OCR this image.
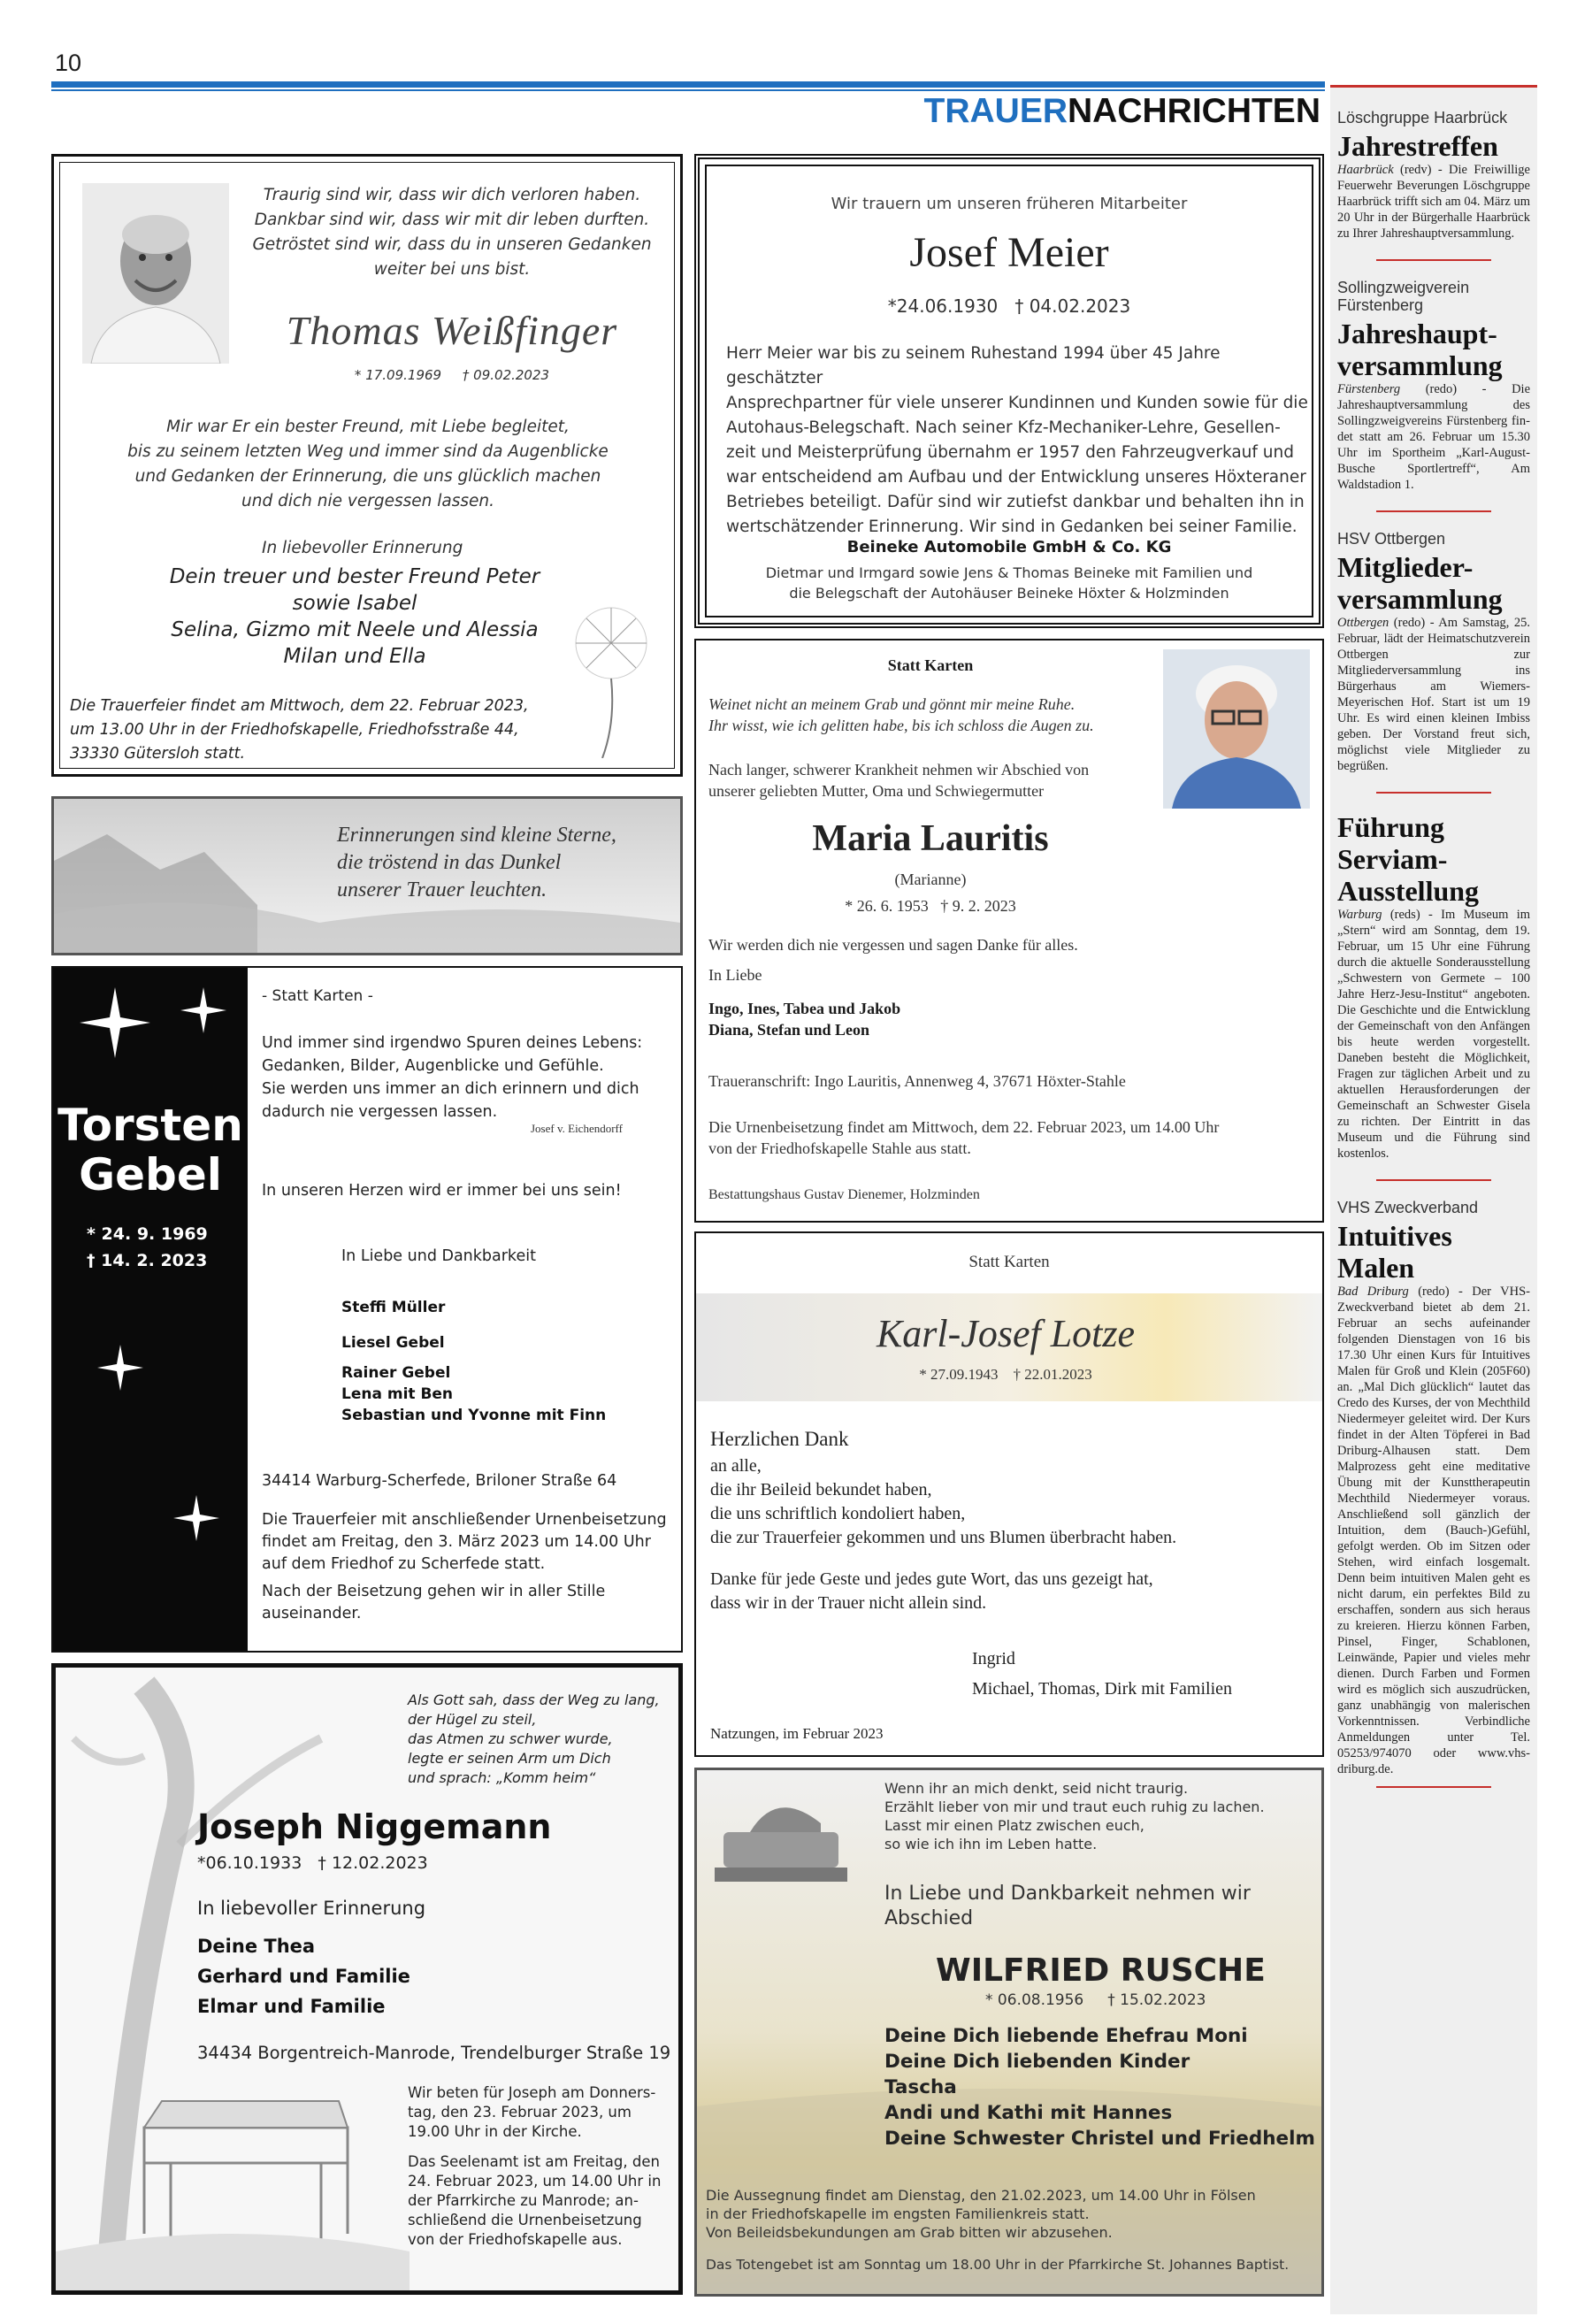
10
TRAUERNACHRICHTEN
Traurig sind wir, dass wir dich verloren haben.
Dankbar sind wir, dass wir mit dir leben durften.
Getröstet sind wir, dass du in unseren Gedanken
weiter bei uns bist.
Thomas Weißfinger
* 17.09.1969     † 09.02.2023
Mir war Er ein bester Freund, mit Liebe begleitet,
bis zu seinem letzten Weg und immer sind da Augenblicke
und Gedanken der Erinnerung, die uns glücklich machen
und dich nie vergessen lassen.
In liebevoller Erinnerung
Dein treuer und bester Freund Peter
sowie Isabel
Selina, Gizmo mit Neele und Alessia
Milan und Ella
Die Trauerfeier findet am Mittwoch, dem 22. Februar 2023,
um 13.00 Uhr in der Friedhofskapelle, Friedhofsstraße 44,
33330 Gütersloh statt.
Wir trauern um unseren früheren Mitarbeiter
Josef Meier
*24.06.1930   † 04.02.2023
Herr Meier war bis zu seinem Ruhestand 1994 über 45 Jahre geschätzter
Ansprechpartner für viele unserer Kundinnen und Kunden sowie für die
Autohaus-Belegschaft. Nach seiner Kfz-Mechaniker-Lehre, Gesellen-
zeit und Meisterprüfung übernahm er 1957 den Fahrzeugverkauf und
war entscheidend am Aufbau und der Entwicklung unseres Höxteraner
Betriebes beteiligt. Dafür sind wir zutiefst dankbar und behalten ihn in
wertschätzender Erinnerung. Wir sind in Gedanken bei seiner Familie.
Beineke Automobile GmbH & Co. KG
Dietmar und Irmgard sowie Jens & Thomas Beineke mit Familien und
die Belegschaft der Autohäuser Beineke Höxter & Holzminden
Erinnerungen sind kleine Sterne,
die tröstend in das Dunkel
unserer Trauer leuchten.
Statt Karten
Weinet nicht an meinem Grab und gönnt mir meine Ruhe.
Ihr wisst, wie ich gelitten habe, bis ich schloss die Augen zu.
Nach langer, schwerer Krankheit nehmen wir Abschied von
unserer geliebten Mutter, Oma und Schwiegermutter
Maria Lauritis
(Marianne)
* 26. 6. 1953   † 9. 2. 2023
Wir werden dich nie vergessen und sagen Danke für alles.
In Liebe
Ingo, Ines, Tabea und Jakob
Diana, Stefan und Leon
Traueranschrift: Ingo Lauritis, Annenweg 4, 37671 Höxter-Stahle
Die Urnenbeisetzung findet am Mittwoch, dem 22. Februar 2023, um 14.00 Uhr
von der Friedhofskapelle Stahle aus statt.
Bestattungshaus Gustav Dienemer, Holzminden
Torsten
Gebel
* 24. 9. 1969
† 14. 2. 2023
- Statt Karten -
Und immer sind irgendwo Spuren deines Lebens:
Gedanken, Bilder, Augenblicke und Gefühle.
Sie werden uns immer an dich erinnern und dich
dadurch nie vergessen lassen.
Josef v. Eichendorff
In unseren Herzen wird er immer bei uns sein!
In Liebe und Dankbarkeit
Steffi Müller
Liesel Gebel
Rainer Gebel
Lena mit Ben
Sebastian und Yvonne mit Finn
34414 Warburg-Scherfede, Briloner Straße 64
Die Trauerfeier mit anschließender Urnenbeisetzung
findet am Freitag, den 3. März 2023 um 14.00 Uhr
auf dem Friedhof zu Scherfede statt.
Nach der Beisetzung gehen wir in aller Stille
auseinander.
Statt Karten
Karl-Josef Lotze
* 27.09.1943    † 22.01.2023
Herzlichen Dank
an alle,
die ihr Beileid bekundet haben,
die uns schriftlich kondoliert haben,
die zur Trauerfeier gekommen und uns Blumen überbracht haben.
Danke für jede Geste und jedes gute Wort, das uns gezeigt hat,
dass wir in der Trauer nicht allein sind.
Ingrid
Michael, Thomas, Dirk mit Familien
Natzungen, im Februar 2023
Als Gott sah, dass der Weg zu lang,
der Hügel zu steil,
das Atmen zu schwer wurde,
legte er seinen Arm um Dich
und sprach: „Komm heim“
Joseph Niggemann
*06.10.1933   † 12.02.2023
In liebevoller Erinnerung
Deine Thea
Gerhard und Familie
Elmar und Familie
34434 Borgentreich-Manrode, Trendelburger Straße 19
Wir beten für Joseph am Donners-
tag, den 23. Februar 2023, um
19.00 Uhr in der Kirche.
Das Seelenamt ist am Freitag, den
24. Februar 2023, um 14.00 Uhr in
der Pfarrkirche zu Manrode; an-
schließend die Urnenbeisetzung
von der Friedhofskapelle aus.
Wenn ihr an mich denkt, seid nicht traurig.
Erzählt lieber von mir und traut euch ruhig zu lachen.
Lasst mir einen Platz zwischen euch,
so wie ich ihn im Leben hatte.
In Liebe und Dankbarkeit nehmen wir
Abschied
WILFRIED RUSCHE
* 06.08.1956     † 15.02.2023
Deine Dich liebende Ehefrau Moni
Deine Dich liebenden Kinder
Tascha
Andi und Kathi mit Hannes
Deine Schwester Christel und Friedhelm
Die Aussegnung findet am Dienstag, den 21.02.2023, um 14.00 Uhr in Fölsen
in der Friedhofskapelle im engsten Familienkreis statt.
Von Beileidsbekundungen am Grab bitten wir abzusehen.
Das Totengebet ist am Sonntag um 18.00 Uhr in der Pfarrkirche St. Johannes Baptist.
Löschgruppe Haarbrück
Jahrestreffen
Haarbrück (redv) - Die Freiwillige Feuerwehr Beverungen Löschgruppe Haarbrück trifft sich am 04. März um 20 Uhr in der Bürgerhalle Haarbrück zu Ihrer Jahreshauptversammlung.
Sollingzweigverein Fürstenberg
Jahreshaupt-
versammlung
Fürstenberg (redo) - Die Jahreshauptversammlung des Sollingzweigvereins Fürstenberg fin-det statt am 26. Februar um 15.30 Uhr im Sportheim „Karl-August-Busche Sportlertreff“, Am Waldstadion 1.
HSV Ottbergen
Mitglieder-
versammlung
Ottbergen (redo) - Am Samstag, 25. Februar, lädt der Heimatschutzverein Ottbergen zur Mitgliederversammlung ins Bürgerhaus am Wiemers-Meyerischen Hof. Start ist um 19 Uhr. Es wird einen kleinen Imbiss geben. Der Vorstand freut sich, möglichst viele Mitglieder zu begrüßen.
Führung
Serviam-
Ausstellung
Warburg (reds) - Im Museum im „Stern“ wird am Sonntag, dem 19. Februar, um 15 Uhr eine Führung durch die aktuelle Sonderausstellung „Schwestern von Germete – 100 Jahre Herz-Jesu-Institut“ angeboten. Die Geschichte und die Entwicklung der Gemeinschaft von den Anfängen bis heute werden vorgestellt. Daneben besteht die Möglichkeit, Fragen zur täglichen Arbeit und zu aktuellen Herausforderungen der Gemeinschaft an Schwester Gisela zu richten. Der Eintritt in das Museum und die Führung sind kostenlos.
VHS Zweckverband
Intuitives
Malen
Bad Driburg (redo) - Der VHS-Zweckverband bietet ab dem 21. Februar an sechs aufeinander folgenden Dienstagen von 16 bis 17.30 Uhr einen Kurs für Intuitives Malen für Groß und Klein (205F60) an. „Mal Dich glücklich“ lautet das Credo des Kurses, der von Mechthild Niedermeyer geleitet wird. Der Kurs findet in der Alten Töpferei in Bad Driburg-Alhausen statt. Dem Malprozess geht eine meditative Übung mit der Kunsttherapeutin Mechthild Niedermeyer voraus. Anschließend soll gänzlich der Intuition, dem (Bauch-)Gefühl, gefolgt werden. Ob im Sitzen oder Stehen, wird einfach losgemalt. Denn beim intuitiven Malen geht es nicht darum, ein perfektes Bild zu erschaffen, sondern aus sich heraus zu kreieren. Hierzu können Farben, Pinsel, Finger, Schablonen, Leinwände, Papier und vieles mehr dienen. Durch Farben und Formen wird es möglich sich auszudrücken, ganz unabhängig von malerischen Vorkenntnissen. Verbindliche Anmeldungen unter Tel. 05253/974070 oder www.vhs-driburg.de.
